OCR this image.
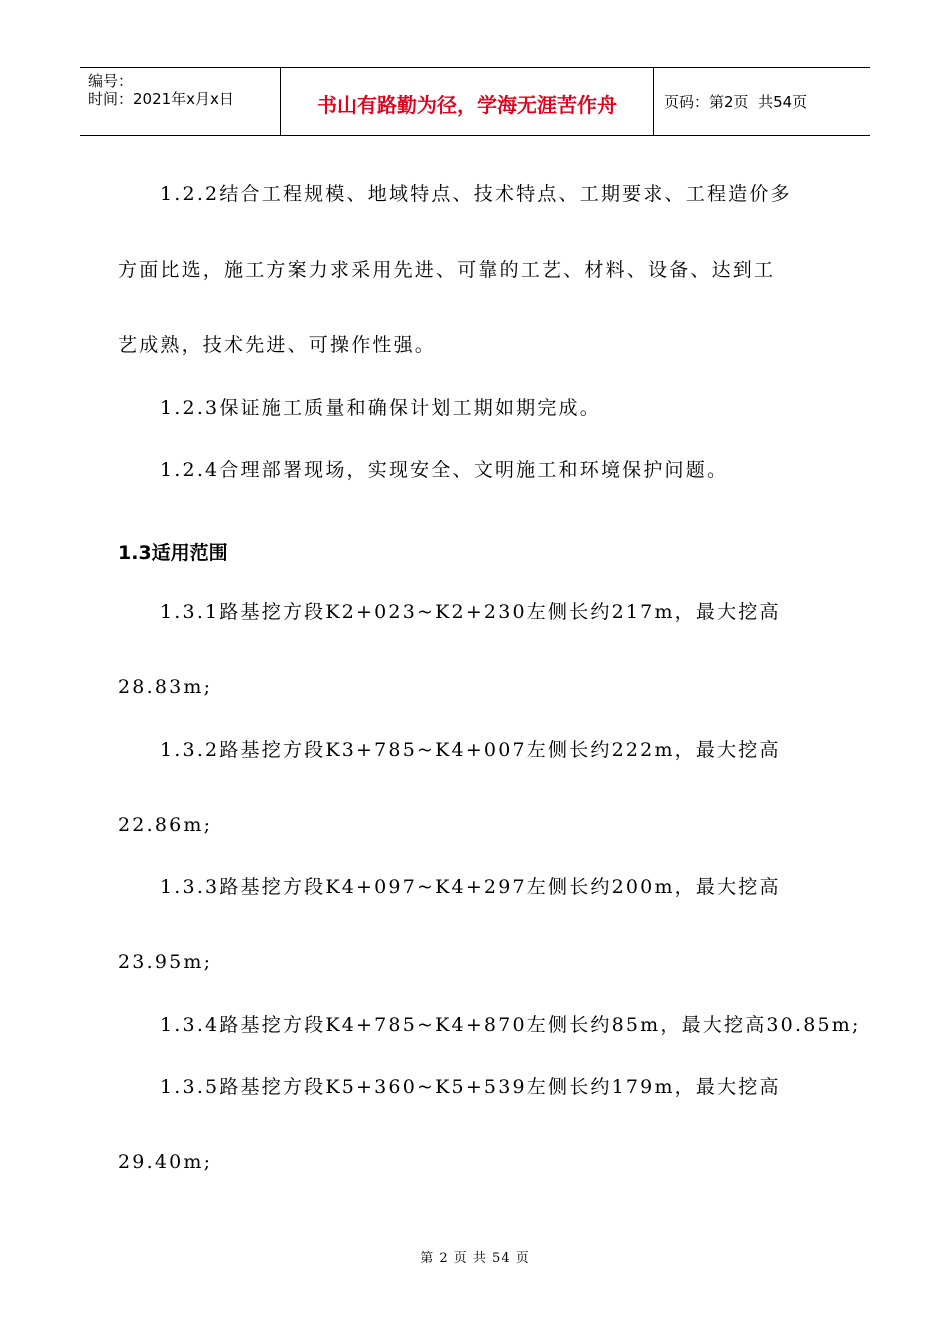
编号：
时间：2021年x月x日	书山有路勤为径，学海无涯苦作舟	页码：第2页  共54页
1.2.2结合工程规模、地域特点、技术特点、工期要求、工程造价多
方面比选，施工方案力求采用先进、可靠的工艺、材料、设备、达到工
艺成熟，技术先进、可操作性强。
1.2.3保证施工质量和确保计划工期如期完成。
1.2.4合理部署现场，实现安全、文明施工和环境保护问题。
1.3适用范围
1.3.1路基挖方段K2+023~K2+230左侧长约217m，最大挖高
28.83m;
1.3.2路基挖方段K3+785~K4+007左侧长约222m，最大挖高
22.86m;
1.3.3路基挖方段K4+097~K4+297左侧长约200m，最大挖高
23.95m;
1.3.4路基挖方段K4+785~K4+870左侧长约85m，最大挖高30.85m;
1.3.5路基挖方段K5+360~K5+539左侧长约179m，最大挖高
29.40m;
第 2 页 共 54 页
